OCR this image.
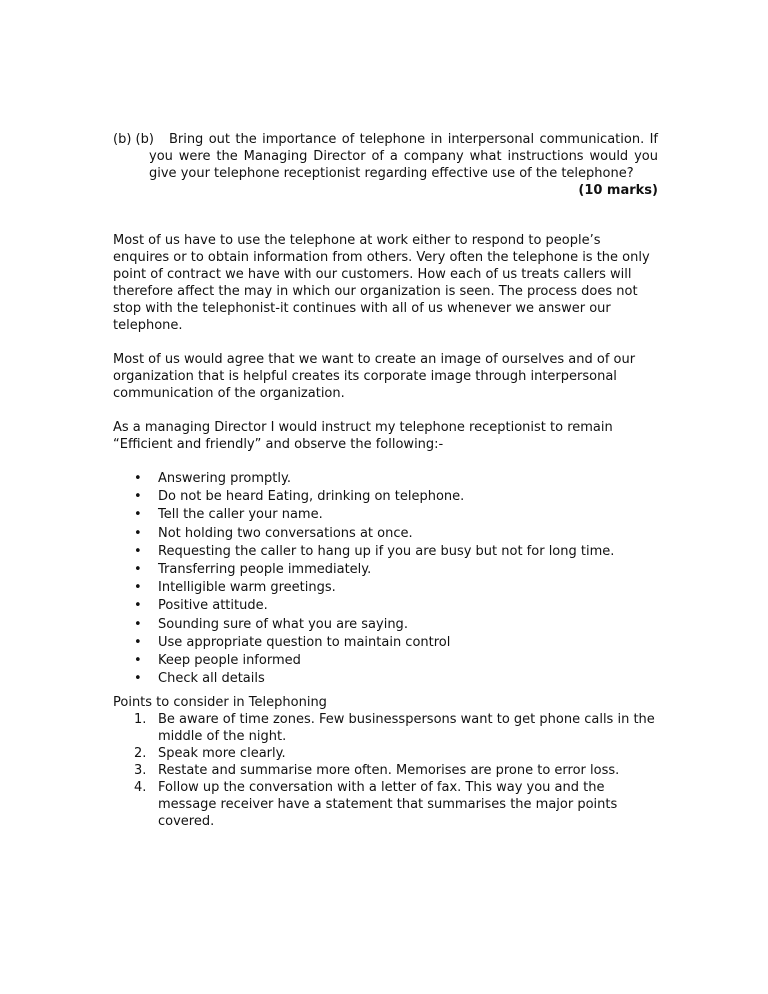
(b) (b) Bring out the importance of telephone in interpersonal communication. If
you were the Managing Director of a company what instructions would you
give your telephone receptionist regarding effective use of the telephone?
(10 marks)

Most of us have to use the telephone at work either to respond to people’s enquires or to obtain information from others. Very often the telephone is the only point of contract we have with our customers. How each of us treats callers will therefore affect the may in which our organization is seen. The process does not stop with the telephonist-it continues with all of us whenever we answer our telephone.

Most of us would agree that we want to create an image of ourselves and of our organization that is helpful creates its corporate image through interpersonal communication of the organization.

As a managing Director I would instruct my telephone receptionist to remain “Efficient and friendly” and observe the following:-

• Answering promptly.
• Do not be heard Eating, drinking on telephone.
• Tell the caller your name.
• Not holding two conversations at once.
• Requesting the caller to hang up if you are busy but not for long time.
• Transferring people immediately.
• Intelligible warm greetings.
• Positive attitude.
• Sounding sure of what you are saying.
• Use appropriate question to maintain control
• Keep people informed
• Check all details

Points to consider in Telephoning

1. Be aware of time zones. Few businesspersons want to get phone calls in the middle of the night.
2. Speak more clearly.
3. Restate and summarise more often. Memorises are prone to error loss.
4. Follow up the conversation with a letter of fax. This way you and the message receiver have a statement that summarises the major points covered.
